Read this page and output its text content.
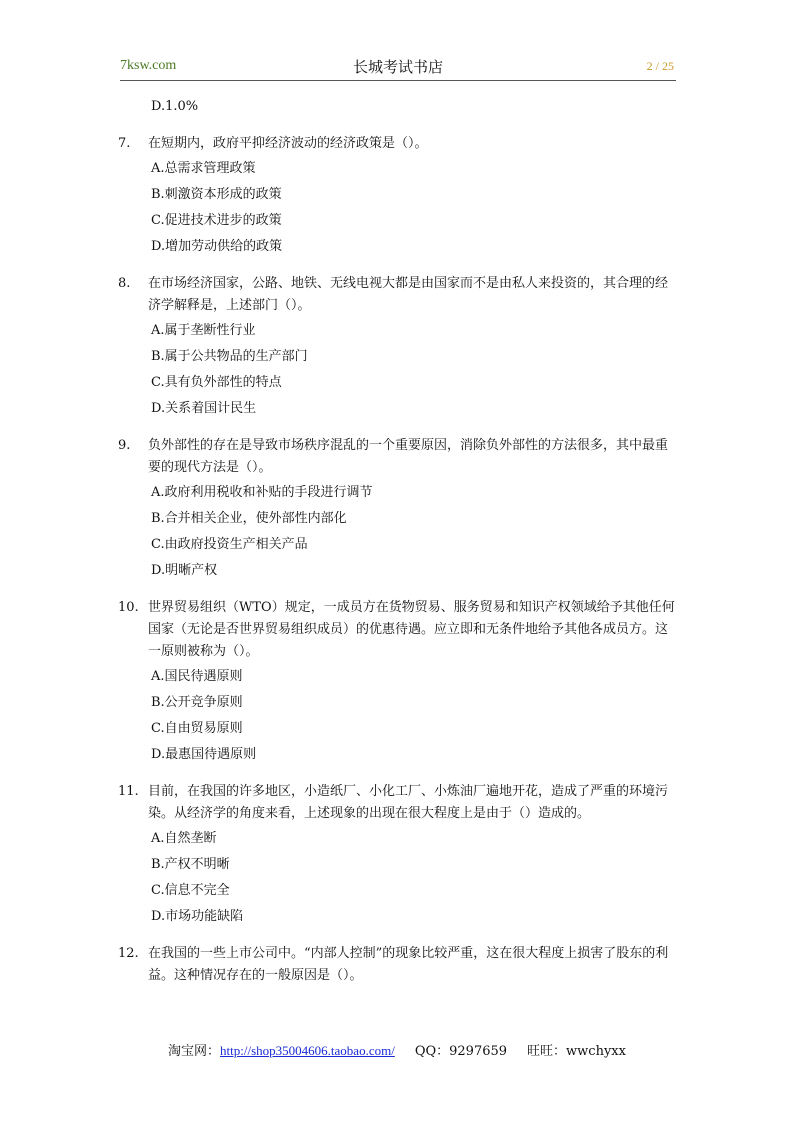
7ksw.com	长城考试书店	2 / 25
D.1.0%
7.	在短期内，政府平抑经济波动的经济政策是（）。
A.总需求管理政策
B.刺激资本形成的政策
C.促进技术进步的政策
D.增加劳动供给的政策
8.	在市场经济国家，公路、地铁、无线电视大都是由国家而不是由私人来投资的，其合理的经济学解释是，上述部门（）。
A.属于垄断性行业
B.属于公共物品的生产部门
C.具有负外部性的特点
D.关系着国计民生
9.	负外部性的存在是导致市场秩序混乱的一个重要原因，消除负外部性的方法很多，其中最重要的现代方法是（）。
A.政府利用税收和补贴的手段进行调节
B.合并相关企业，使外部性内部化
C.由政府投资生产相关产品
D.明晰产权
10. 世界贸易组织（WTO）规定，一成员方在货物贸易、服务贸易和知识产权领域给予其他任何国家（无论是否世界贸易组织成员）的优惠待遇。应立即和无条件地给予其他各成员方。这一原则被称为（）。
A.国民待遇原则
B.公开竞争原则
C.自由贸易原则
D.最惠国待遇原则
11. 目前，在我国的许多地区，小造纸厂、小化工厂、小炼油厂遍地开花，造成了严重的环境污染。从经济学的角度来看，上述现象的出现在很大程度上是由于（）造成的。
A.自然垄断
B.产权不明晰
C.信息不完全
D.市场功能缺陷
12. 在我国的一些上市公司中。“内部人控制”的现象比较严重，这在很大程度上损害了股东的利益。这种情况存在的一般原因是（）。
淘宝网：http://shop35004606.taobao.com/ QQ：9297659 旺旺：wwchyxx
